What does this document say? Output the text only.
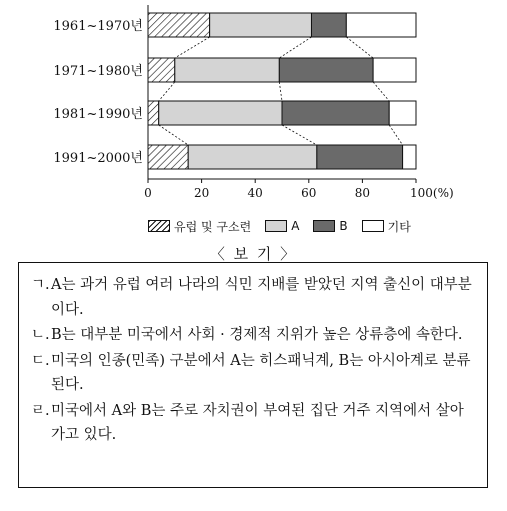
1961~1970년
1971~1980년
1981~1990년
1991~2000년
0	20	40	60	80	100(%)
유럽 및 구소련	A	B	기타
〈 보 기 〉
ㄱ. A는 과거 유럽 여러 나라의 식민 지배를 받았던 지역 출신이 대부분이다.
ㄴ. B는 대부분 미국에서 사회 · 경제적 지위가 높은 상류층에 속한다.
ㄷ. 미국의 인종(민족) 구분에서 A는 히스패닉계, B는 아시아계로 분류된다.
ㄹ. 미국에서 A와 B는 주로 자치권이 부여된 집단 거주 지역에서 살아가고 있다.
